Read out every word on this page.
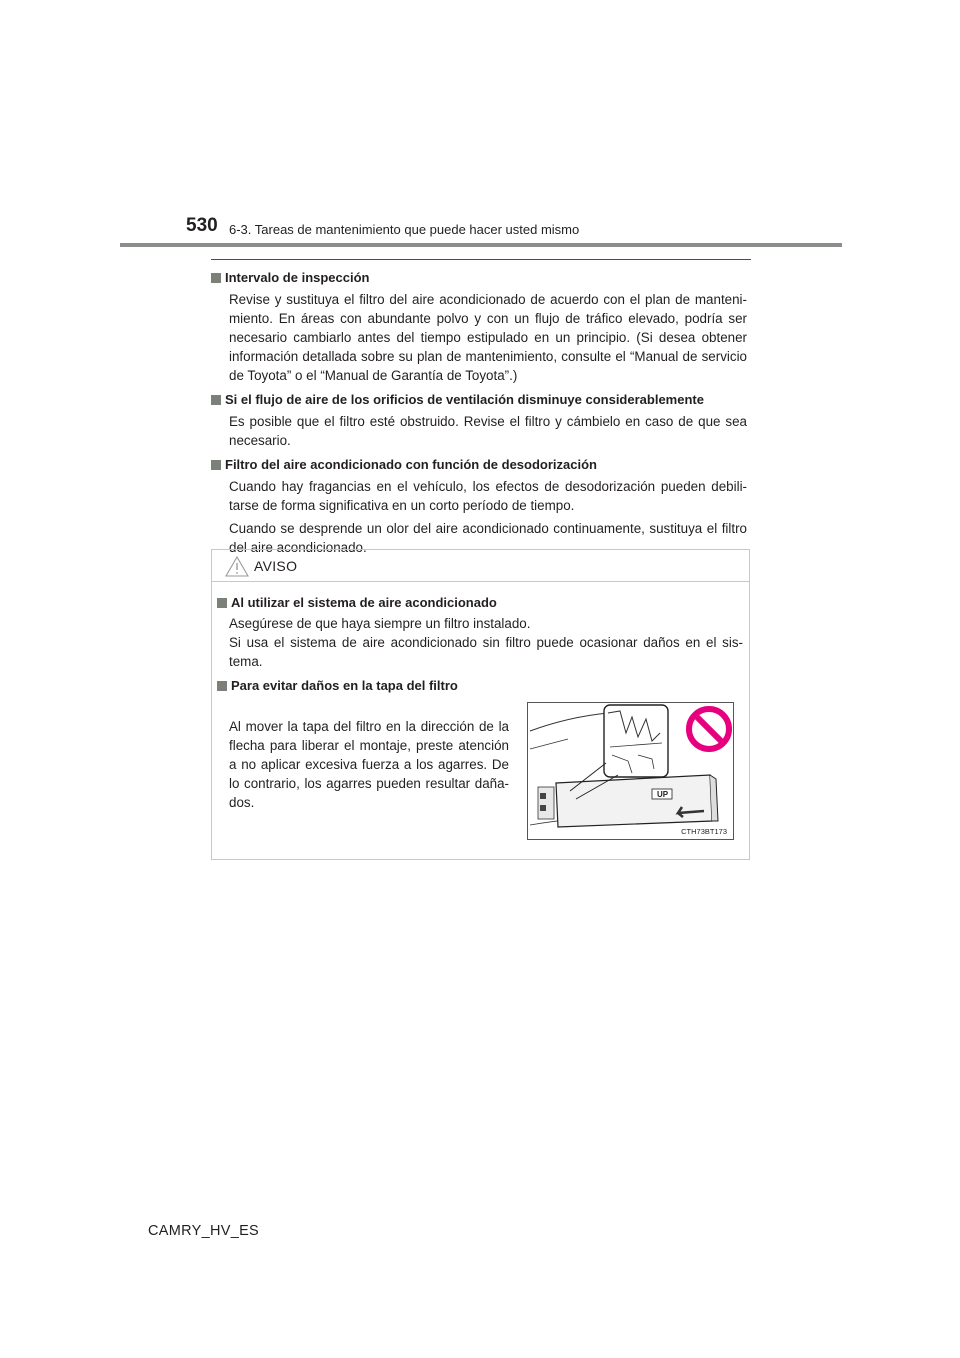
530 6-3. Tareas de mantenimiento que puede hacer usted mismo
Intervalo de inspección

Revise y sustituya el filtro del aire acondicionado de acuerdo con el plan de manteni-miento. En áreas con abundante polvo y con un flujo de tráfico elevado, podría ser necesario cambiarlo antes del tiempo estipulado en un principio. (Si desea obtener información detallada sobre su plan de mantenimiento, consulte el “Manual de servicio de Toyota” o el “Manual de Garantía de Toyota”.)

Si el flujo de aire de los orificios de ventilación disminuye considerablemente

Es posible que el filtro esté obstruido. Revise el filtro y cámbielo en caso de que sea necesario.

Filtro del aire acondicionado con función de desodorización

Cuando hay fragancias en el vehículo, los efectos de desodorización pueden debili-tarse de forma significativa en un corto período de tiempo.

Cuando se desprende un olor del aire acondicionado continuamente, sustituya el filtro del aire acondicionado.

AVISO
Al utilizar el sistema de aire acondicionado

Asegúrese de que haya siempre un filtro instalado.

Si usa el sistema de aire acondicionado sin filtro puede ocasionar daños en el sis-tema.

Para evitar daños en la tapa del filtro

Al mover la tapa del filtro en la dirección de la flecha para liberar el montaje, preste atención a no aplicar excesiva fuerza a los agarres. De lo contrario, los agarres pueden resultar daña-dos.

UP
CTH73BT173
CAMRY_HV_ES
